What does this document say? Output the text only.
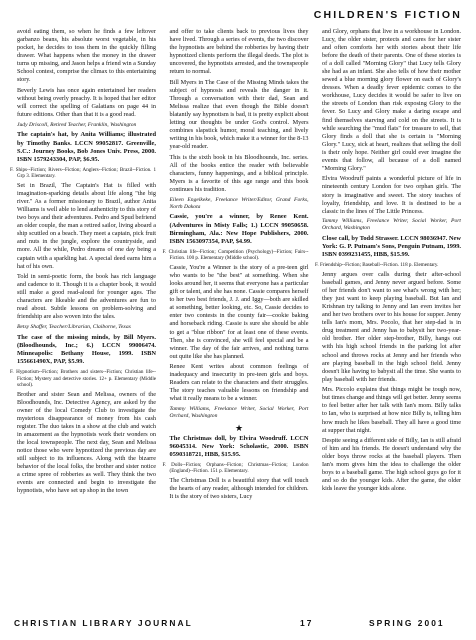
CHILDREN'S FICTION

avoid eating them, so when he finds a few leftover garbanzo beans, his absolute worst vegetable, in his pocket, he decides to toss them in the quickly filling drawer. What happens when the money in the drawer turns up missing, and Jason helps a friend win a Sunday School contest, comprise the climax to this entertaining story.

Beverly Lewis has once again entertained her readers without being overly preachy. It is hoped that her editor will correct the spelling of Galatians on page 44 in future editions. Other than that it is a good read.

Judy Driscoll, Retired Teacher, Franklin, Washington

The captain's hat, by Anita Williams; illustrated by Timothy Banks. LCCN 99052817. Greenville, S.C.: Journey Books, Bob Jones Univ. Press, 2000. ISBN 1579243304, PAP, $6.95.

F. Ships--Fiction; Rivers--Fiction; Anglers--Fiction; Brazil--Fiction. 1 Grp 3. Elementary.

Set in Brazil, The Captain's Hat is filled with imagination-sparking details about life along "the big river." As a former missionary to Brazil, author Anita Williams is well able to lend authenticity to this story of two boys and their adventures. Pedro and Spud befriend an older couple, the man a retired sailor, living aboard a ship scuttled on a beach. They meet a captain, pick fruit and nuts in the jungle, explore the countryside, and more. All the while, Pedro dreams of one day being a captain with a sparkling hat. A special deed earns him a hat of his own.

Told in semi-poetic form, the book has rich language and cadence to it. Though it is a chapter book, it would still make a good read-aloud for younger ages. The characters are likeable and the adventures are fun to read about. Subtle lessons on problem-solving and friendship are also woven into the tales.

Betsy Shaffer, Teacher/Librarian, Claiborne, Texas

The case of the missing minds, by Bill Myers. (Bloodhounds, Inc.; 6.) LCCN 99006474. Minneapolis: Bethany House, 1999. ISBN 155661490X, PAP, $5.99.

F. Hypnotism--Fiction; Brothers and sisters--Fiction; Christian life--Fiction; Mystery and detective stories. 12+ p. Elementary (Middle school).

Brother and sister Sean and Melissa, owners of the Bloodhounds, Inc. Detective Agency, are asked by the owner of the local Comedy Club to investigate the mysterious disappearance of money from his cash register. The duo takes in a show at the club and watch in amazement as the hypnotists work their wonders on the local townspeople. The next day, Sean and Melissa notice those who were hypnotized the previous day are still subject to its influences. Along with the bizarre behavior of the local folks, the brother and sister notice a crime spree of robberies as well. They think the two events are connected and begin to investigate the hypnotists, who have set up shop in the town

and offer to take clients back to previous lives they have lived. Through a series of events, the two discover the hypnotists are behind the robberies by having their hypnotized clients perform the illegal deeds. The plot is uncovered, the hypnotists arrested, and the townspeople return to normal.

Bill Myers in The Case of the Missing Minds takes the subject of hypnosis and reveals the danger in it. Through a conversation with their dad, Sean and Melissa realize that even though the Bible doesn't blatantly say hypnotism is bad, it is pretty explicit about letting our thoughts be under God's control. Myers combines slapstick humor, moral teaching, and lively writing in his book, which make it a winner for the 8-13 year-old reader.

This is the sixth book in his Bloodhounds, Inc. series. All of the books entice the reader with believable characters, funny happenings, and a biblical principle. Myers is a favorite of this age range and this book continues his tradition.

Eileen Engelkeke, Freelance Writer/Editor, Grand Forks, North Dakota

Cassie, you're a winner, by Renee Kent. (Adventures in Misty Falls; 1.) LCCN 99050658. Birmingham, Ala.: New Hope Publishers, 2000. ISBN 1563097354, PAP, $4.99.

F. Christian life--Fiction; Competition (Psychology)--Fiction; Fairs--Fiction. 100 p. Elementary (Middle school).

Cassie, You're a Winner is the story of a pre-teen girl who wants to be "the best" at something. When she looks around her, it seems that everyone has a particular gift or talent, and she has none. Cassie compares herself to her two best friends, J. J. and Iggy—both are skilled at something, better looking, etc. So, Cassie decides to enter two contests in the county fair—cookie baking and horseback riding. Cassie is sure she should be able to get a "blue ribbon" for at least one of these events. Then, she is convinced, she will feel special and be a winner. The day of the fair arrives, and nothing turns out quite like she has planned.

Renee Kent writes about common feelings of inadequacy and insecurity in pre-teen girls and boys. Readers can relate to the characters and their struggles. The story teaches valuable lessons on friendship and what it really means to be a winner.

Tammy Williams, Freelance Writer, Social Worker, Port Orchard, Washington

★

The Christmas doll, by Elvira Woodruff. LCCN 96045314. New York: Scholastic, 2000. ISBN 0590318721, HBB, $15.95.

F. Dolls--Fiction; Orphans--Fiction; Christmas--Fiction; London (England)--Fiction. 151 p. Elementary.

The Christmas Doll is a beautiful story that will touch the hearts of any reader, although intended for children. It is the story of two sisters, Lucy

and Glory, orphans that live in a workhouse in London. Lucy, the older sister, protects and cares for her sister and often comforts her with stories about their life before the death of their parents. One of these stories is of a doll called "Morning Glory" that Lucy tells Glory she had as an infant. She also tells of how their mother sewed a blue morning glory flower on each of Glory's dresses. When a deadly fever epidemic comes to the workhouse, Lucy decides it would be safer to live on the streets of London than risk exposing Glory to the fever. So Lucy and Glory make a daring escape and find themselves starving and cold on the streets. It is while searching the "mud flats" for treasure to sell, that Glory finds a doll that she is certain is "Morning Glory." Lucy, sick at heart, realizes that selling the doll is their only hope. Neither girl could ever imagine the events that follow, all because of a doll named "Morning Glory."

Elvira Woodruff paints a wonderful picture of life in nineteenth century London for two orphan girls. The story is imaginative and sweet. The story teaches of loyalty, friendship, and love. It is destined to be a classic in the lines of The Little Princess.

Tammy Williams, Freelance Writer, Social Worker, Port Orchard, Washington

Close call, by Todd Strasser. LCCN 98036947. New York: G. P. Putnam's Sons, Penguin Putnam, 1999. ISBN 0399231455, HBB, $15.99.

F. Friendship--Fiction; Baseball--Fiction. 118 p. Elementary.

Jenny argues over calls during their after-school baseball games, and Jenny never argued before. Some of her friends don't want to see what's wrong with her; they just want to keep playing baseball. But Ian and Krishnan try talking to Jenny and Ian even invites her and her two brothers over to his house for supper. Jenny tells Ian's mom, Mrs. Pocolo, that her step-dad is in drug treatment and Jenny has to babysit her two-year-old brother. Her older step-brother, Billy, hangs out with his high school friends in the parking lot after school and throws rocks at Jenny and her friends who are playing baseball in the high school field. Jenny doesn't like having to babysit all the time. She wants to play baseball with her friends.

Mrs. Piccolo explains that things might be tough now, but times change and things will get better. Jenny seems to feel better after her talk with Ian's mom. Billy talks to Ian, who is surprised at how nice Billy is, telling him how much he likes baseball. They all have a good time at supper that night.

Despite seeing a different side of Billy, Ian is still afraid of him and his friends. He doesn't understand why the older boys throw rocks at the baseball players. Then Ian's mom gives him the idea to challenge the older boys to a baseball game. The high school guys go for it and so do the younger kids. After the game, the older kids leave the younger kids alone.

CHRISTIAN LIBRARY JOURNAL	17	SPRING 2001
